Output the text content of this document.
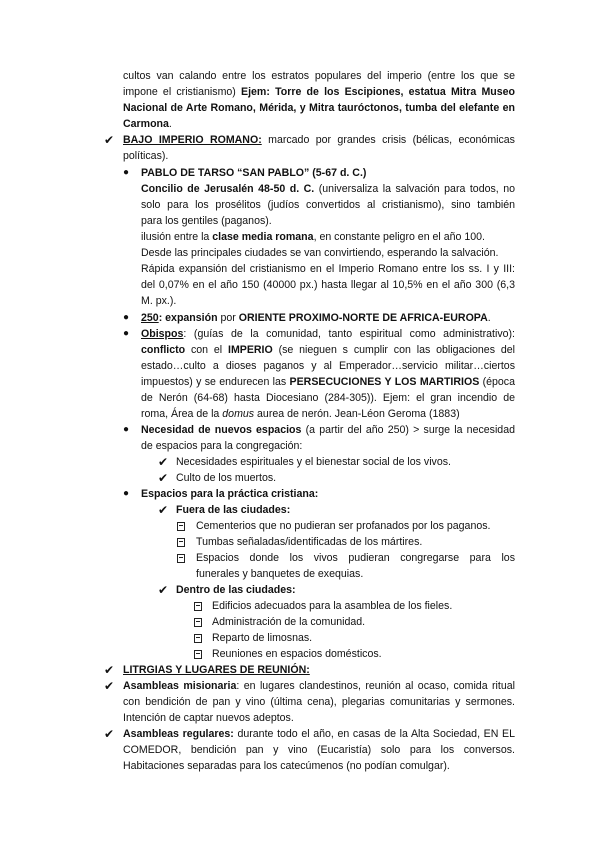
cultos van calando entre los estratos populares del imperio (entre los que se
impone el cristianismo) Ejem: Torre de los Escipiones, estatua Mitra Museo
Nacional de Arte Romano, Mérida, y Mitra tauróctonos, tumba del elefante en
Carmona.
✔ BAJO IMPERIO ROMANO: marcado por grandes crisis (bélicas, económicas
políticas).
● PABLO DE TARSO “SAN PABLO” (5-67 d. C.)
Concilio de Jerusalén 48-50 d. C. (universaliza la salvación para todos, no
solo para los prosélitos (judíos convertidos al cristianismo), sino también
para los gentiles (paganos).
ilusión entre la clase media romana, en constante peligro en el año 100.
Desde las principales ciudades se van convirtiendo, esperando la salvación.
Rápida expansión del cristianismo en el Imperio Romano entre los ss. I y III:
del 0,07% en el año 150 (40000 px.) hasta llegar al 10,5% en el año 300 (6,3
M. px.).
● 250: expansión por ORIENTE PROXIMO-NORTE DE AFRICA-EUROPA.
● Obispos: (guías de la comunidad, tanto espiritual como administrativo):
conflicto con el IMPERIO (se nieguen s cumplir con las obligaciones del
estado…culto a dioses paganos y al Emperador…servicio militar…ciertos
impuestos) y se endurecen las PERSECUCIONES Y LOS MARTIRIOS (época
de Nerón (64-68) hasta Diocesiano (284-305)). Ejem: el gran incendio de
roma, Área de la domus aurea de nerón. Jean-Léon Geroma (1883)
● Necesidad de nuevos espacios (a partir del año 250) > surge la necesidad
de espacios para la congregación:
✔ Necesidades espirituales y el bienestar social de los vivos.
✔ Culto de los muertos.
● Espacios para la práctica cristiana:
✔ Fuera de las ciudades:
Cementerios que no pudieran ser profanados por los paganos.
Tumbas señaladas/identificadas de los mártires.
Espacios donde los vivos pudieran congregarse para los
funerales y banquetes de exequias.
✔ Dentro de las ciudades:
Edificios adecuados para la asamblea de los fieles.
Administración de la comunidad.
Reparto de limosnas.
Reuniones en espacios domésticos.
✔ LITRGIAS Y LUGARES DE REUNIÓN:
✔ Asambleas misionaria: en lugares clandestinos, reunión al ocaso, comida ritual
con bendición de pan y vino (última cena), plegarias comunitarias y sermones.
Intención de captar nuevos adeptos.
✔ Asambleas regulares: durante todo el año, en casas de la Alta Sociedad, EN EL
COMEDOR, bendición pan y vino (Eucaristía) solo para los conversos.
Habitaciones separadas para los catecúmenos (no podían comulgar).
